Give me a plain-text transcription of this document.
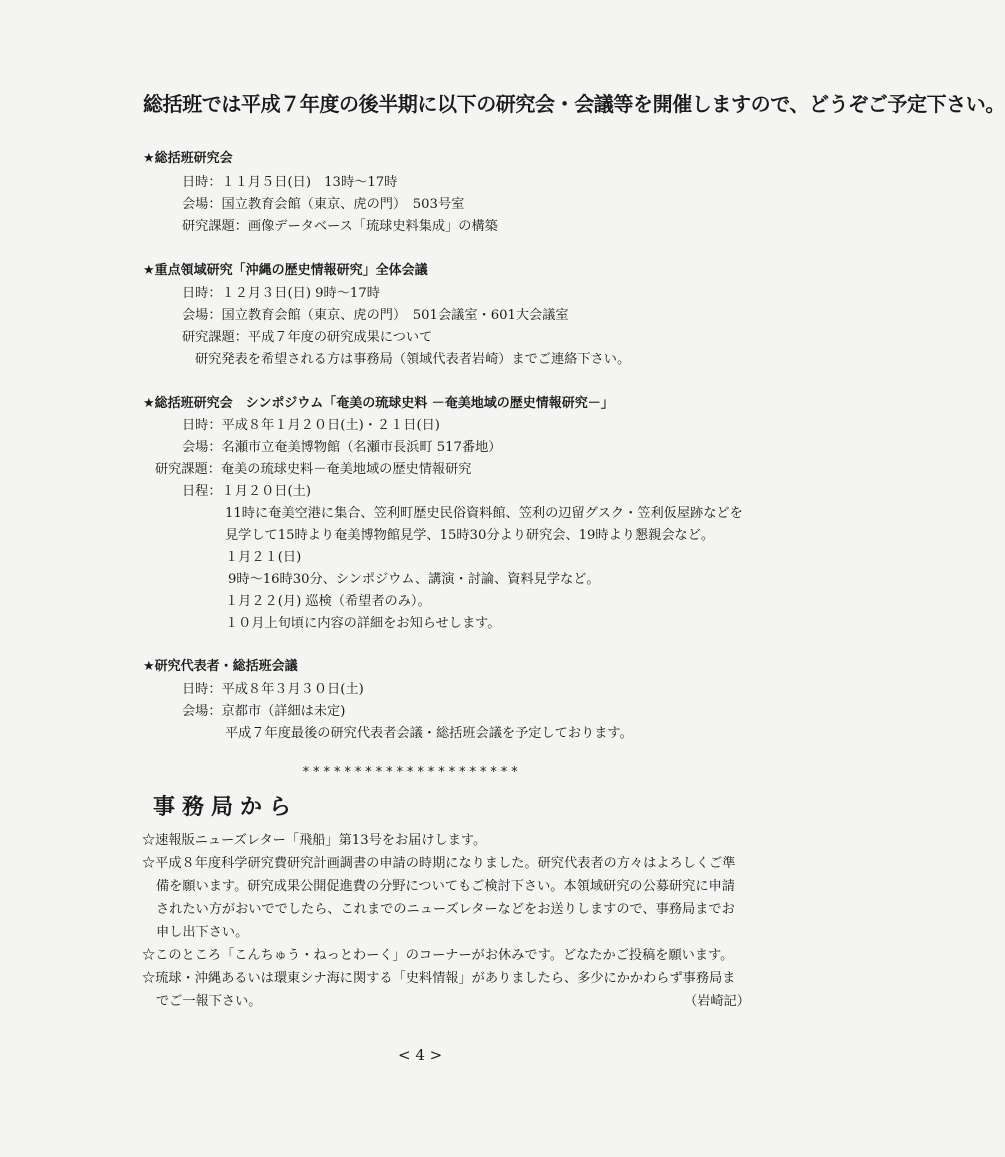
総括班では平成７年度の後半期に以下の研究会・会議等を開催しますので、どうぞご予定下さい。
★総括班研究会
日時：１１月５日(日)　13時～17時
会場：国立教育会館（東京、虎の門）　503号室
研究課題：画像データベース「琉球史料集成」の構築
★重点領域研究「沖縄の歴史情報研究」全体会議
日時：１２月３日(日) 9時～17時
会場：国立教育会館（東京、虎の門）　501会議室・601大会議室
研究課題：平成７年度の研究成果について
研究発表を希望される方は事務局（領域代表者岩崎）までご連絡下さい。
★総括班研究会　シンポジウム「奄美の琉球史料 －奄美地域の歴史情報研究－」
日時：平成８年１月２０日(土)・２１日(日)
会場：名瀬市立奄美博物館（名瀬市長浜町 517番地）
研究課題：奄美の琉球史料－奄美地域の歴史情報研究
日程：１月２０日(土)
11時に奄美空港に集合、笠利町歴史民俗資料館、笠利の辺留グスク・笠利仮屋跡などを
見学して15時より奄美博物館見学、15時30分より研究会、19時より懇親会など。
１月２１(日)
9時～16時30分、シンポジウム、講演・討論、資料見学など。
１月２２(月) 巡検（希望者のみ）。
１０月上旬頃に内容の詳細をお知らせします。
★研究代表者・総括班会議
日時：平成８年３月３０日(土)
会場：京都市（詳細は未定)
平成７年度最後の研究代表者会議・総括班会議を予定しております。
*********************
事務局から
☆速報版ニューズレター「飛船」第13号をお届けします。
☆平成８年度科学研究費研究計画調書の申請の時期になりました。研究代表者の方々はよろしくご準
備を願います。研究成果公開促進費の分野についてもご検討下さい。本領域研究の公募研究に申請
されたい方がおいででしたら、これまでのニューズレターなどをお送りしますので、事務局までお
申し出下さい。
☆このところ「こんちゅう・ねっとわーく」のコーナーがお休みです。どなたかご投稿を願います。
☆琉球・沖縄あるいは環東シナ海に関する「史料情報」がありましたら、多少にかかわらず事務局ま
でご一報下さい。	（岩崎記）
< 4 >
